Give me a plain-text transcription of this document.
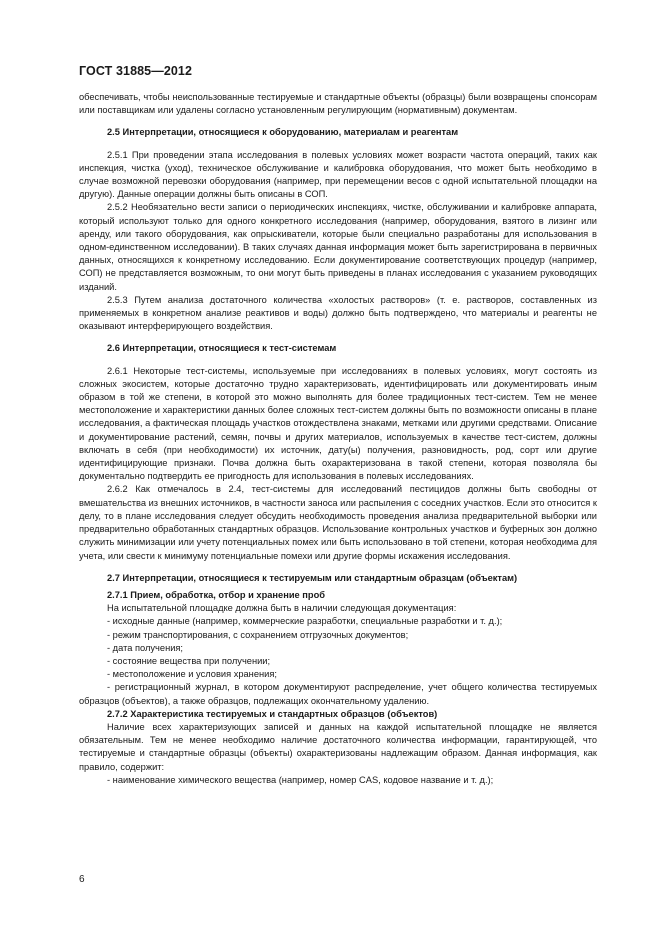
ГОСТ 31885—2012

обеспечивать, чтобы неиспользованные тестируемые и стандартные объекты (образцы) были возвращены спонсорам или поставщикам или удалены согласно установленным регулирующим (нормативным) документам.

2.5 Интерпретации, относящиеся к оборудованию, материалам и реагентам

2.5.1 При проведении этапа исследования в полевых условиях может возрасти частота операций, таких как инспекция, чистка (уход), техническое обслуживание и калибровка оборудования, что может быть необходимо в случае возможной перевозки оборудования (например, при перемещении весов с одной испытательной площадки на другую). Данные операции должны быть описаны в СОП.

2.5.2 Необязательно вести записи о периодических инспекциях, чистке, обслуживании и калибровке аппарата, который используют только для одного конкретного исследования (например, оборудования, взятого в лизинг или аренду, или такого оборудования, как опрыскиватели, которые были специально разработаны для использования в одном-единственном исследовании). В таких случаях данная информация может быть зарегистрирована в первичных данных, относящихся к конкретному исследованию. Если документирование соответствующих процедур (например, СОП) не представляется возможным, то они могут быть приведены в планах исследования с указанием руководящих изданий.

2.5.3 Путем анализа достаточного количества «холостых растворов» (т. е. растворов, составленных из применяемых в конкретном анализе реактивов и воды) должно быть подтверждено, что материалы и реагенты не оказывают интерферирующего воздействия.

2.6 Интерпретации, относящиеся к тест-системам

2.6.1 Некоторые тест-системы, используемые при исследованиях в полевых условиях, могут состоять из сложных экосистем, которые достаточно трудно характеризовать, идентифицировать или документировать иным образом в той же степени, в которой это можно выполнять для более традиционных тест-систем. Тем не менее местоположение и характеристики данных более сложных тест-систем должны быть по возможности описаны в плане исследования, а фактическая площадь участков отождествлена знаками, метками или другими средствами. Описание и документирование растений, семян, почвы и других материалов, используемых в качестве тест-систем, должны включать в себя (при необходимости) их источник, дату(ы) получения, разновидность, род, сорт или другие идентифицирующие признаки. Почва должна быть охарактеризована в такой степени, которая позволяла бы документально подтвердить ее пригодность для использования в полевых исследованиях.

2.6.2 Как отмечалось в 2.4, тест-системы для исследований пестицидов должны быть свободны от вмешательства из внешних источников, в частности заноса или распыления с соседних участков. Если это относится к делу, то в плане исследования следует обсудить необходимость проведения анализа предварительной выборки или предварительно обработанных стандартных образцов. Использование контрольных участков и буферных зон должно служить минимизации или учету потенциальных помех или быть использовано в той степени, которая необходима для учета, или свести к минимуму потенциальные помехи или другие формы искажения исследования.

2.7 Интерпретации, относящиеся к тестируемым или стандартным образцам (объектам)

2.7.1 Прием, обработка, отбор и хранение проб

На испытательной площадке должна быть в наличии следующая документация:

- исходные данные (например, коммерческие разработки, специальные разработки и т. д.);

- режим транспортирования, с сохранением отгрузочных документов;

- дата получения;

- состояние вещества при получении;

- местоположение и условия хранения;

- регистрационный журнал, в котором документируют распределение, учет общего количества тестируемых образцов (объектов), а также образцов, подлежащих окончательному удалению.

2.7.2 Характеристика тестируемых и стандартных образцов (объектов)

Наличие всех характеризующих записей и данных на каждой испытательной площадке не является обязательным. Тем не менее необходимо наличие достаточного количества информации, гарантирующей, что тестируемые и стандартные образцы (объекты) охарактеризованы надлежащим образом. Данная информация, как правило, содержит:

- наименование химического вещества (например, номер CAS, кодовое название и т. д.);

6
